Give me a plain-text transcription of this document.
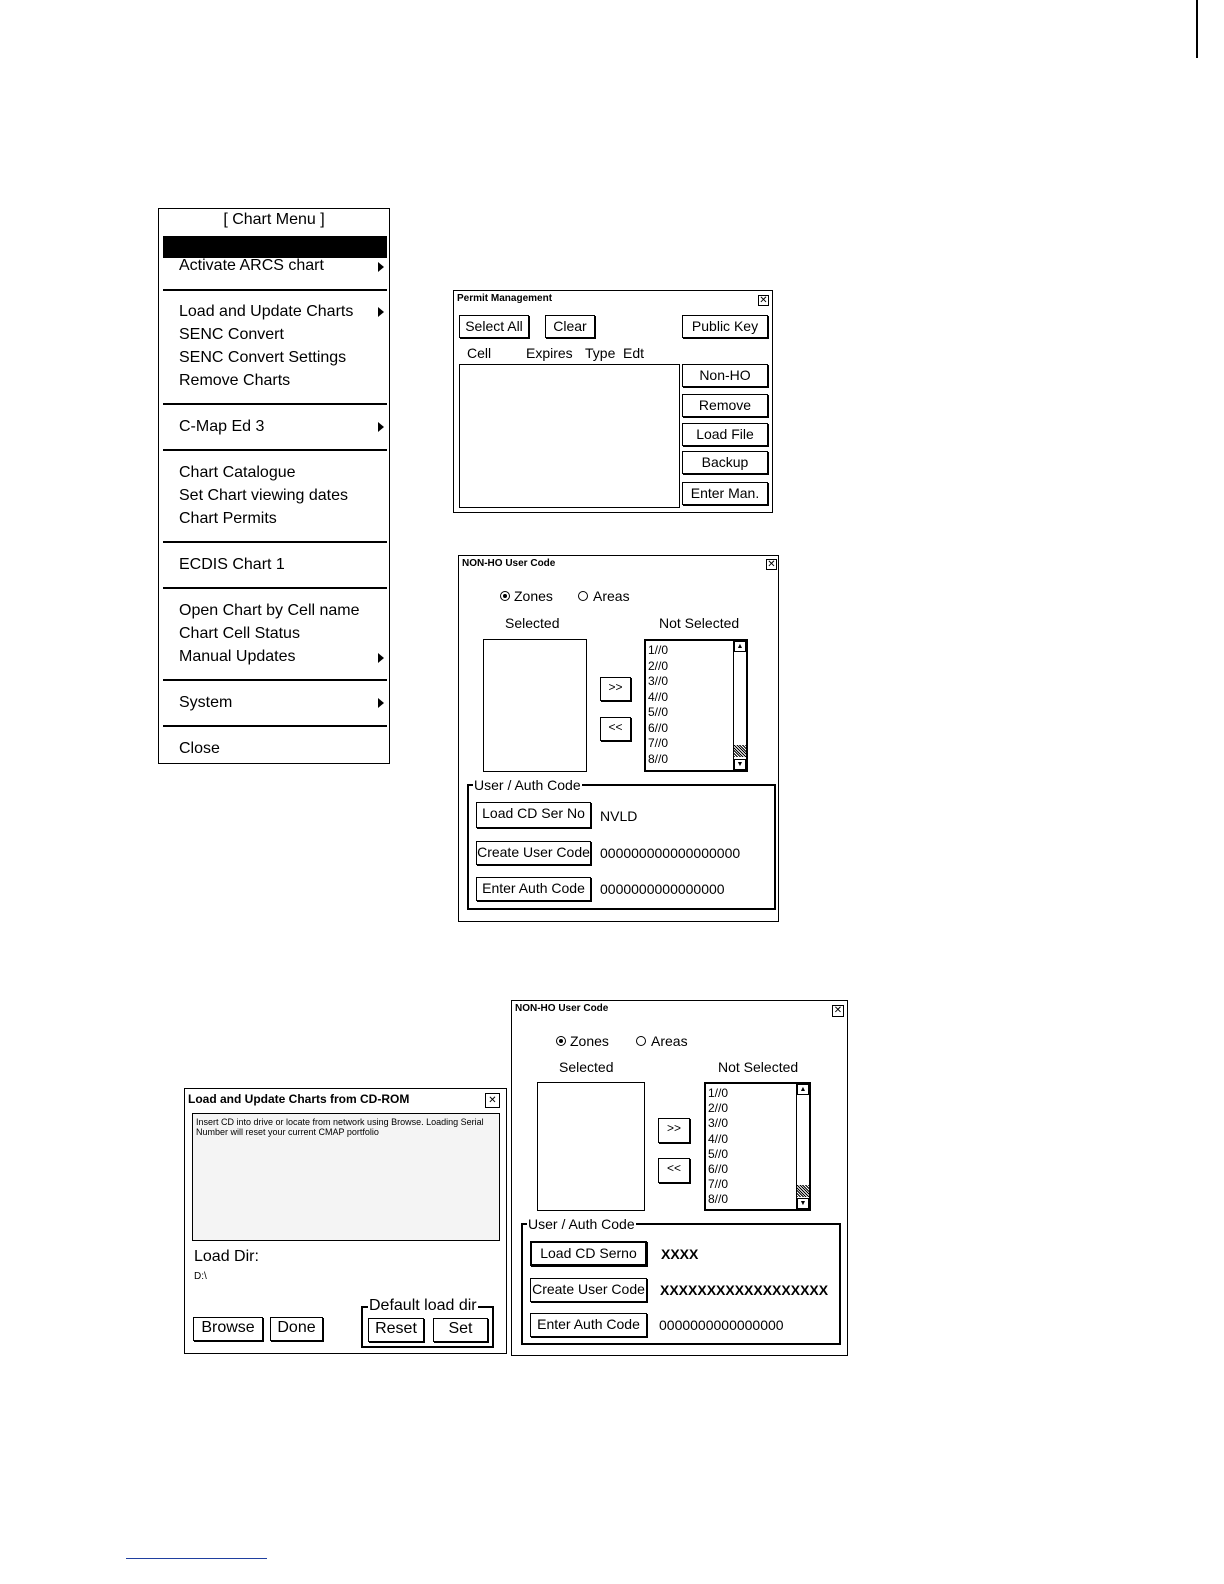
[ Chart Menu ]
Activate ARCS chart
Load and Update Charts
SENC Convert
SENC Convert Settings
Remove Charts
C-Map Ed 3
Chart Catalogue
Set Chart viewing dates
Chart Permits
ECDIS Chart 1
Open Chart by Cell name
Chart Cell Status
Manual Updates
System
Close
Permit Management	✕
Select All	Clear	Public Key
Cell Expires Type Edt
Non-HO
Remove
Load File
Backup
Enter Man.
NON-HO User Code	✕
Zones	Areas
Selected	Not Selected
>>
<<
1//0
2//0
3//0
4//0
5//0
6//0
7//0
8//0
▲
▼
User / Auth Code
Load CD Ser No	NVLD
Create User Code 000000000000000000
Enter Auth Code	0000000000000000
Load and Update Charts from CD-ROM	✕
Insert CD into drive or locate from network using Browse. Loading Serial Number will reset your current CMAP portfolio
Load Dir:
D:\
Browse	Done
Default load dir
Reset	Set
NON-HO User Code	✕
Zones	Areas
Selected	Not Selected
>>
<<
1//0
2//0
3//0
4//0
5//0
6//0
7//0
8//0
▲
▼
User / Auth Code
Load CD Serno	XXXX
Create User Code XXXXXXXXXXXXXXXXXX
Enter Auth Code	0000000000000000
